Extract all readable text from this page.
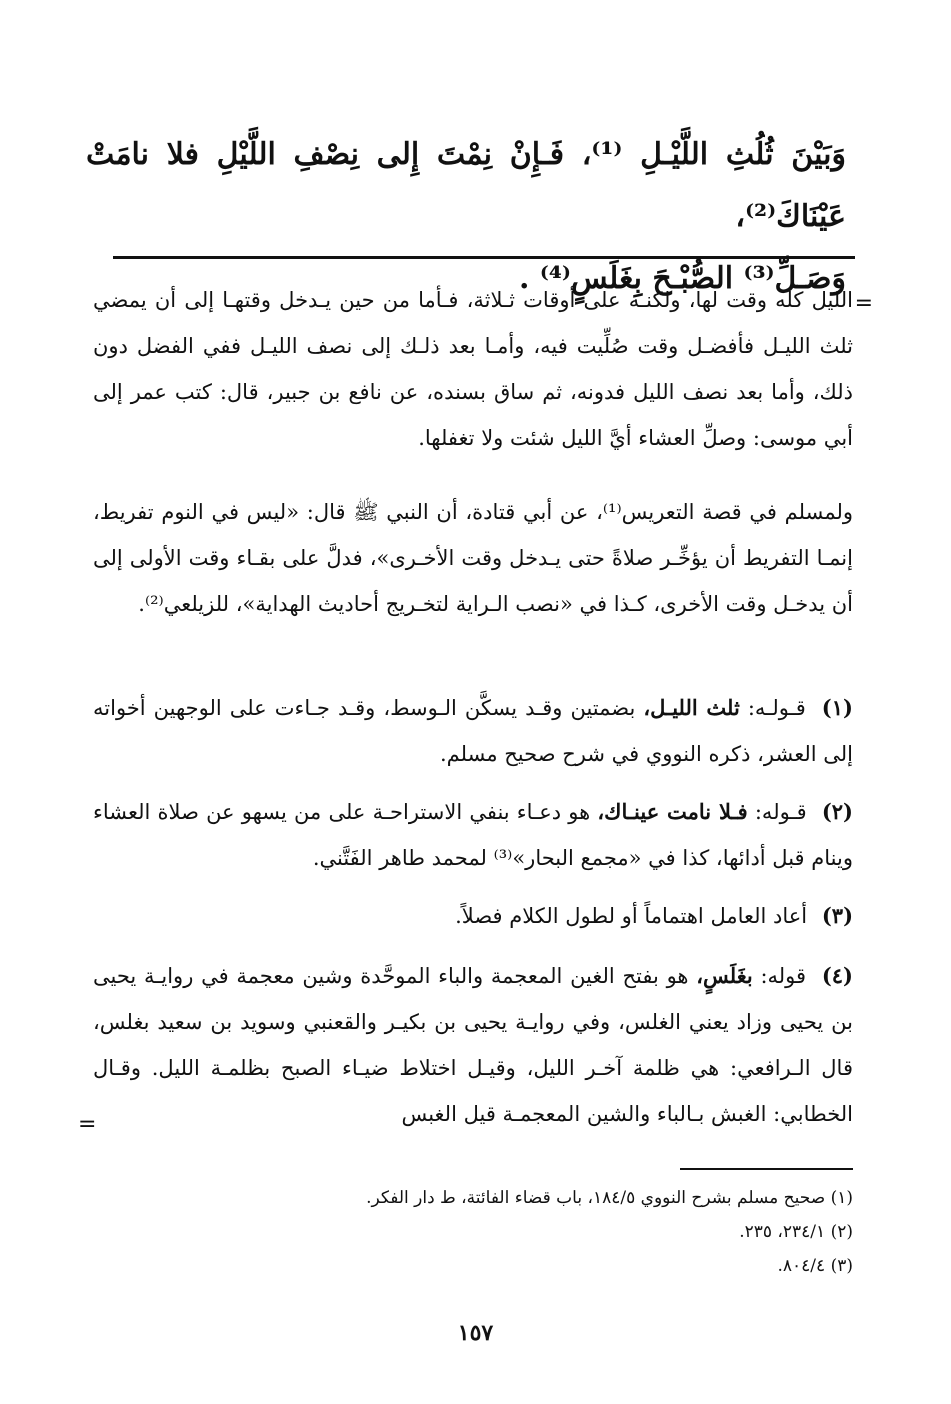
وَبَيْنَ ثُلُثِ اللَّيْـلِ ⁽¹⁾، فَـإِنْ نِمْتَ إِلى نِصْفِ اللَّيْلِ فلا نامَتْ عَيْنَاكَ⁽²⁾،
وَصَـلِّ⁽³⁾ الصُّبْـحَ بِغَلَسٍ⁽⁴⁾ .
=

الليل كله وقت لها، ولكنـه على أوقات ثـلاثة، فـأما من حين يـدخل وقتهـا إلى أن يمضي ثلث الليـل فأفضـل وقت صُلِّيت فيه، وأمـا بعد ذلـك إلى نصف الليـل ففي الفضل دون ذلك، وأما بعد نصف الليل فدونه، ثم ساق بسنده، عن نافع بن جبير، قال: كتب عمر إلى أبي موسى: وصلِّ العشاء أيَّ الليل شئت ولا تغفلها.

ولمسلم في قصة التعريس⁽¹⁾، عن أبي قتادة، أن النبي ﷺ قال: «ليس في النوم تفريط، إنمـا التفريط أن يؤخِّـر صلاةً حتى يـدخل وقت الأخـرى»، فدلَّ على بقـاء وقت الأولى إلى أن يدخـل وقت الأخرى، كـذا في «نصب الـراية لتخـريج أحاديث الهداية»، للزيلعي⁽²⁾.

(١) قـولـه: ثلث الليـل، بضمتين وقـد يسكَّن الـوسط، وقـد جـاءت على الوجهين أخواته إلى العشر، ذكره النووي في شرح صحيح مسلم.

(٢) قـوله: فـلا نامت عينـاك، هو دعـاء بنفي الاستراحـة على من يسهو عن صلاة العشاء وينام قبل أدائها، كذا في «مجمع البحار»⁽³⁾ لمحمد طاهر الفَتَّني.

(٣) أعاد العامل اهتماماً أو لطول الكلام فصلاً.

(٤) قوله: بغَلَسٍ، هو بفتح الغين المعجمة والباء الموحَّدة وشين معجمة في روايـة يحيى بن يحيى وزاد يعني الغلس، وفي روايـة يحيى بن بكيـر والقعنبي وسويد بن سعيد بغلس، قال الـرافعي: هي ظلمة آخـر الليل، وقيـل اختلاط ضيـاء الصبح بظلمـة الليل. وقـال الخطابي: الغبش بـالباء والشين المعجمـة قيل الغبس

=

(١) صحيح مسلم بشرح النووي ١٨٤/٥، باب قضاء الفائتة، ط دار الفكر.

(٢) ٢٣٤/١، ٢٣٥.

(٣) ٨٠٤/٤.

١٥٧
